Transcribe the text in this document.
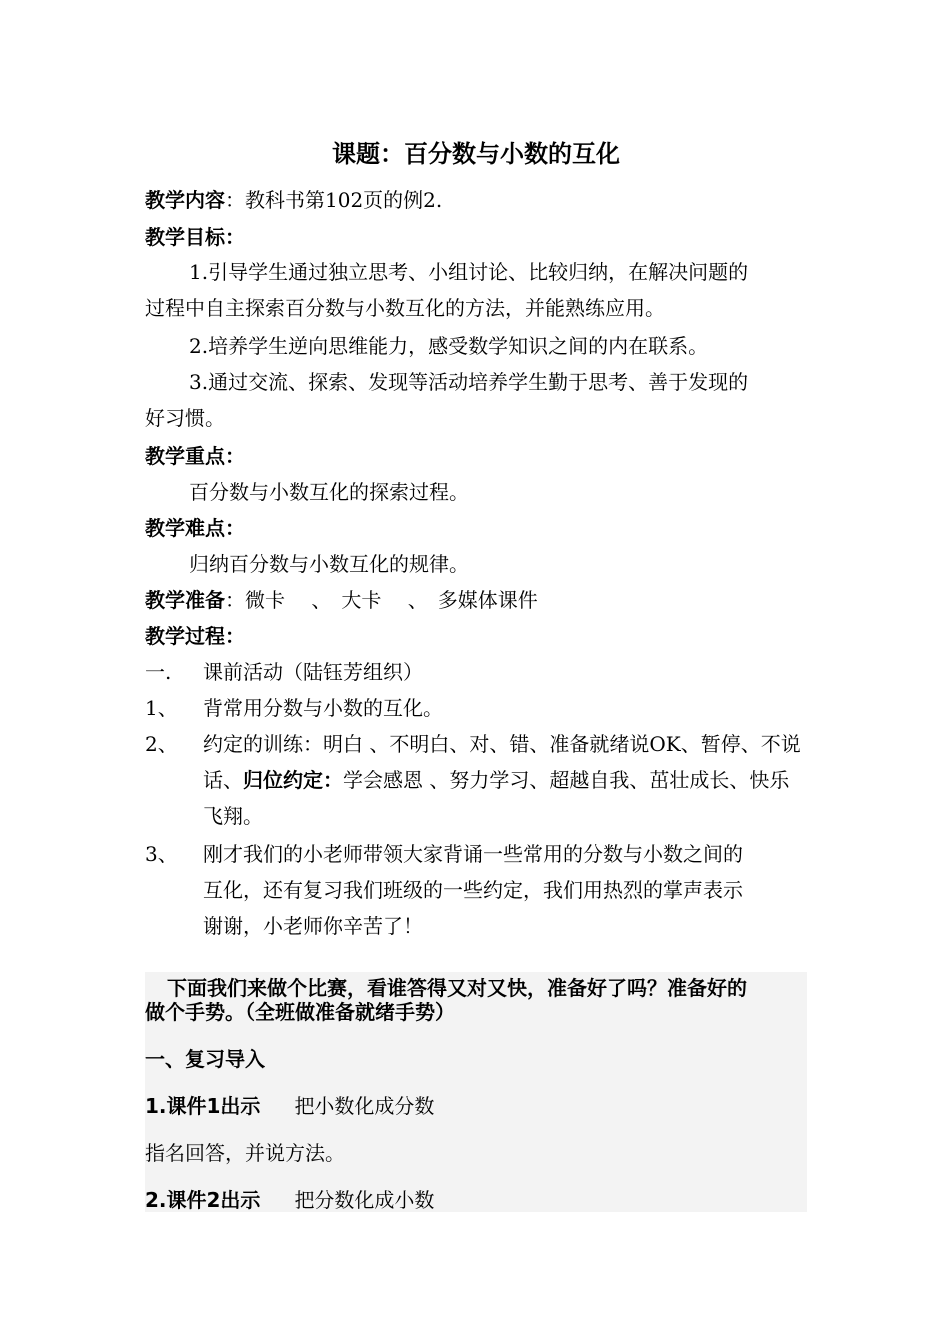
课题：百分数与小数的互化
教学内容：教科书第102页的例2.
教学目标：
1.引导学生通过独立思考、小组讨论、比较归纳，在解决问题的
过程中自主探索百分数与小数互化的方法，并能熟练应用。
2.培养学生逆向思维能力，感受数学知识之间的内在联系。
3.通过交流、探索、发现等活动培养学生勤于思考、善于发现的
好习惯。
教学重点：
百分数与小数互化的探索过程。
教学难点：
归纳百分数与小数互化的规律。
教学准备：微卡　 、　大卡　 、　多媒体课件
教学过程：
一. 课前活动（陆钰芳组织）
1、 背常用分数与小数的互化。
2、 约定的训练：明白 、不明白、对、错、准备就绪说OK、暂停、不说
话、归位约定：学会感恩 、努力学习、超越自我、茁壮成长、快乐
飞翔。
3、 刚才我们的小老师带领大家背诵一些常用的分数与小数之间的
互化，还有复习我们班级的一些约定，我们用热烈的掌声表示
谢谢，小老师你辛苦了！
下面我们来做个比赛，看谁答得又对又快，准备好了吗？准备好的
做个手势。（全班做准备就绪手势）
一、复习导入
1.课件1出示 把小数化成分数
指名回答，并说方法。
2.课件2出示 把分数化成小数
